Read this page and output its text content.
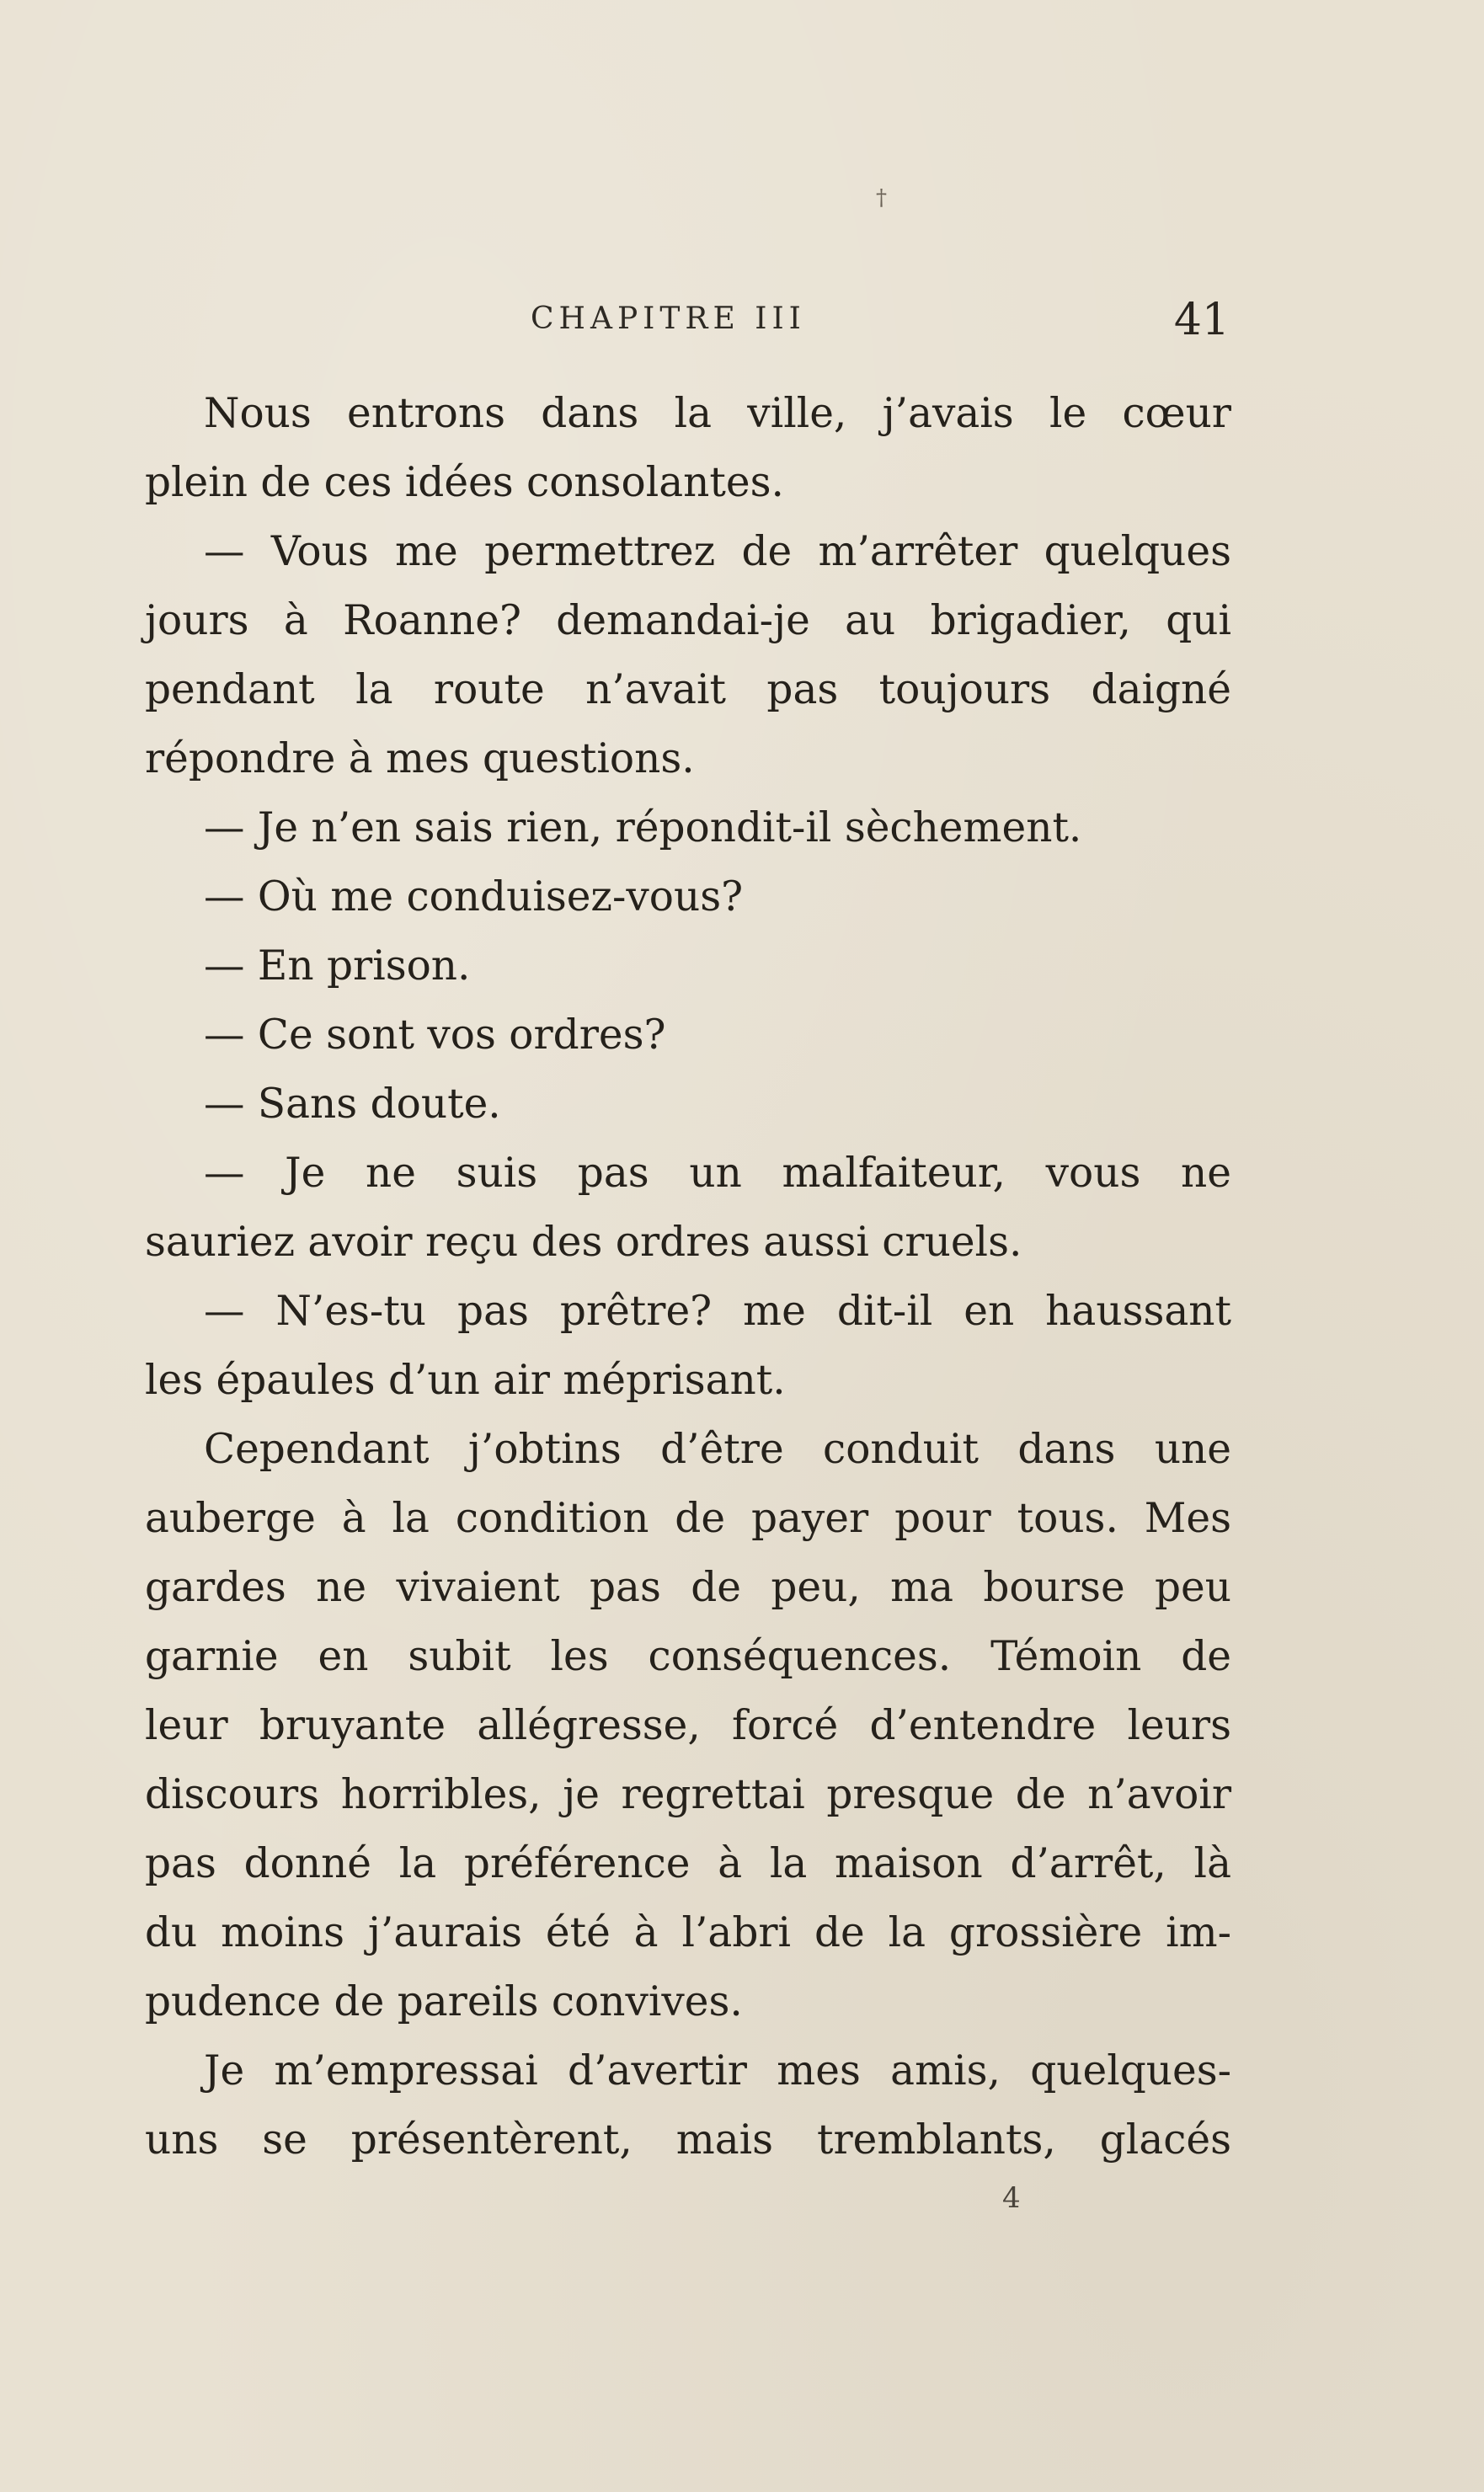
†
CHAPITRE III	41
Nous entrons dans la ville, j’avais le cœur
plein de ces idées consolantes.
— Vous me permettrez de m’arrêter quelques
jours à Roanne? demandai-je au brigadier, qui
pendant la route n’avait pas toujours daigné
répondre à mes questions.
— Je n’en sais rien, répondit-il sèchement.
— Où me conduisez-vous?
— En prison.
— Ce sont vos ordres?
— Sans doute.
— Je ne suis pas un malfaiteur, vous ne
sauriez avoir reçu des ordres aussi cruels.
— N’es-tu pas prêtre? me dit-il en haussant
les épaules d’un air méprisant.
Cependant j’obtins d’être conduit dans une
auberge à la condition de payer pour tous. Mes
gardes ne vivaient pas de peu, ma bourse peu
garnie en subit les conséquences. Témoin de
leur bruyante allégresse, forcé d’entendre leurs
discours horribles, je regrettai presque de n’avoir
pas donné la préférence à la maison d’arrêt, là
du moins j’aurais été à l’abri de la grossière im-
pudence de pareils convives.
Je m’empressai d’avertir mes amis, quelques-
uns se présentèrent, mais tremblants, glacés
4
